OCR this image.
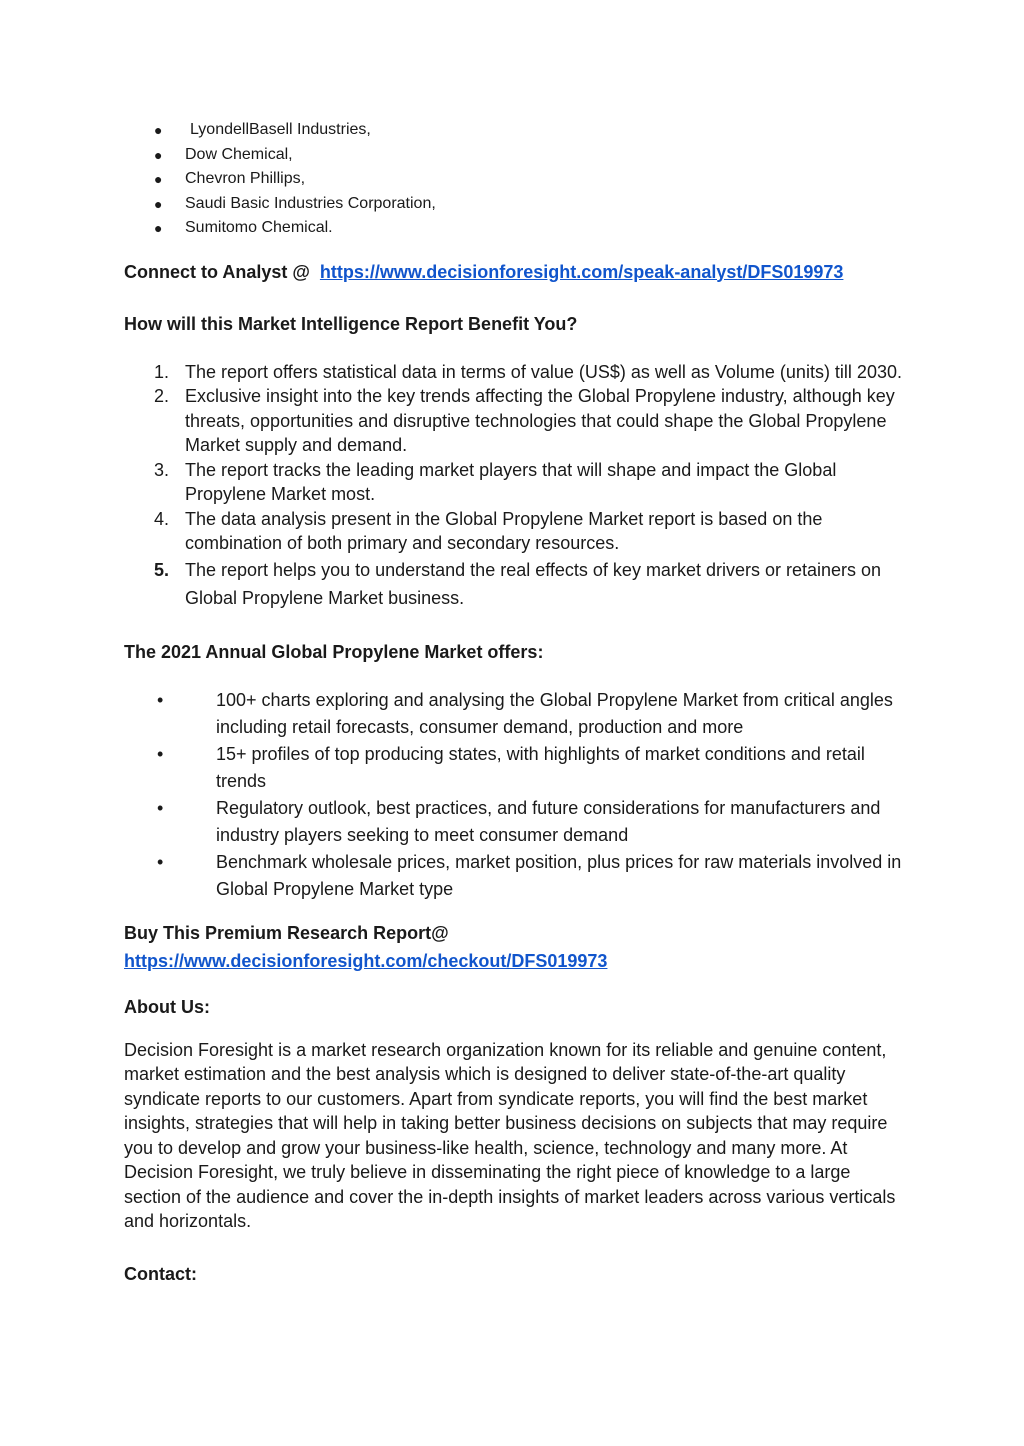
● LyondellBasell Industries,
● Dow Chemical,
● Chevron Phillips,
● Saudi Basic Industries Corporation,
● Sumitomo Chemical.

Connect to Analyst @ https://www.decisionforesight.com/speak-analyst/DFS019973

How will this Market Intelligence Report Benefit You?

1. The report offers statistical data in terms of value (US$) as well as Volume (units) till 2030.
2. Exclusive insight into the key trends affecting the Global Propylene industry, although key threats, opportunities and disruptive technologies that could shape the Global Propylene Market supply and demand.
3. The report tracks the leading market players that will shape and impact the Global Propylene Market most.
4. The data analysis present in the Global Propylene Market report is based on the combination of both primary and secondary resources.
5. The report helps you to understand the real effects of key market drivers or retainers on Global Propylene Market business.

The 2021 Annual Global Propylene Market offers:

•	100+ charts exploring and analysing the Global Propylene Market from critical angles including retail forecasts, consumer demand, production and more
•	15+ profiles of top producing states, with highlights of market conditions and retail trends
•	Regulatory outlook, best practices, and future considerations for manufacturers and industry players seeking to meet consumer demand
•	Benchmark wholesale prices, market position, plus prices for raw materials involved in Global Propylene Market type

Buy This Premium Research Report@

https://www.decisionforesight.com/checkout/DFS019973

About Us:

Decision Foresight is a market research organization known for its reliable and genuine content, market estimation and the best analysis which is designed to deliver state-of-the-art quality syndicate reports to our customers. Apart from syndicate reports, you will find the best market insights, strategies that will help in taking better business decisions on subjects that may require you to develop and grow your business-like health, science, technology and many more. At Decision Foresight, we truly believe in disseminating the right piece of knowledge to a large section of the audience and cover the in-depth insights of market leaders across various verticals and horizontals.

Contact:
